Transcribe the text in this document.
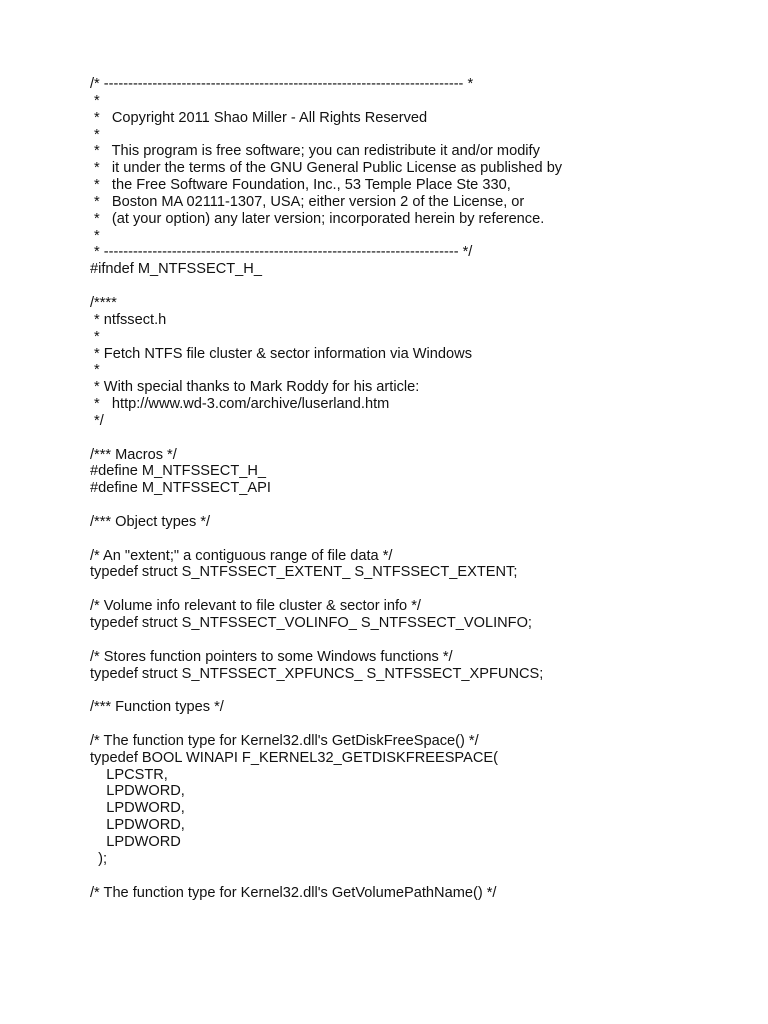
/* -------------------------------------------------------------------------- *
*
*   Copyright 2011 Shao Miller - All Rights Reserved
*
*   This program is free software; you can redistribute it and/or modify
*   it under the terms of the GNU General Public License as published by
*   the Free Software Foundation, Inc., 53 Temple Place Ste 330,
*   Boston MA 02111-1307, USA; either version 2 of the License, or
*   (at your option) any later version; incorporated herein by reference.
*
* ------------------------------------------------------------------------- */
#ifndef M_NTFSSECT_H_
/****
* ntfssect.h
*
* Fetch NTFS file cluster & sector information via Windows
*
* With special thanks to Mark Roddy for his article:
*   http://www.wd-3.com/archive/luserland.htm
*/
/*** Macros */
#define M_NTFSSECT_H_
#define M_NTFSSECT_API
/*** Object types */
/* An "extent;" a contiguous range of file data */
typedef struct S_NTFSSECT_EXTENT_ S_NTFSSECT_EXTENT;
/* Volume info relevant to file cluster & sector info */
typedef struct S_NTFSSECT_VOLINFO_ S_NTFSSECT_VOLINFO;
/* Stores function pointers to some Windows functions */
typedef struct S_NTFSSECT_XPFUNCS_ S_NTFSSECT_XPFUNCS;
/*** Function types */
/* The function type for Kernel32.dll's GetDiskFreeSpace() */
typedef BOOL WINAPI F_KERNEL32_GETDISKFREESPACE(
LPCSTR,
LPDWORD,
LPDWORD,
LPDWORD,
LPDWORD
);
/* The function type for Kernel32.dll's GetVolumePathName() */
